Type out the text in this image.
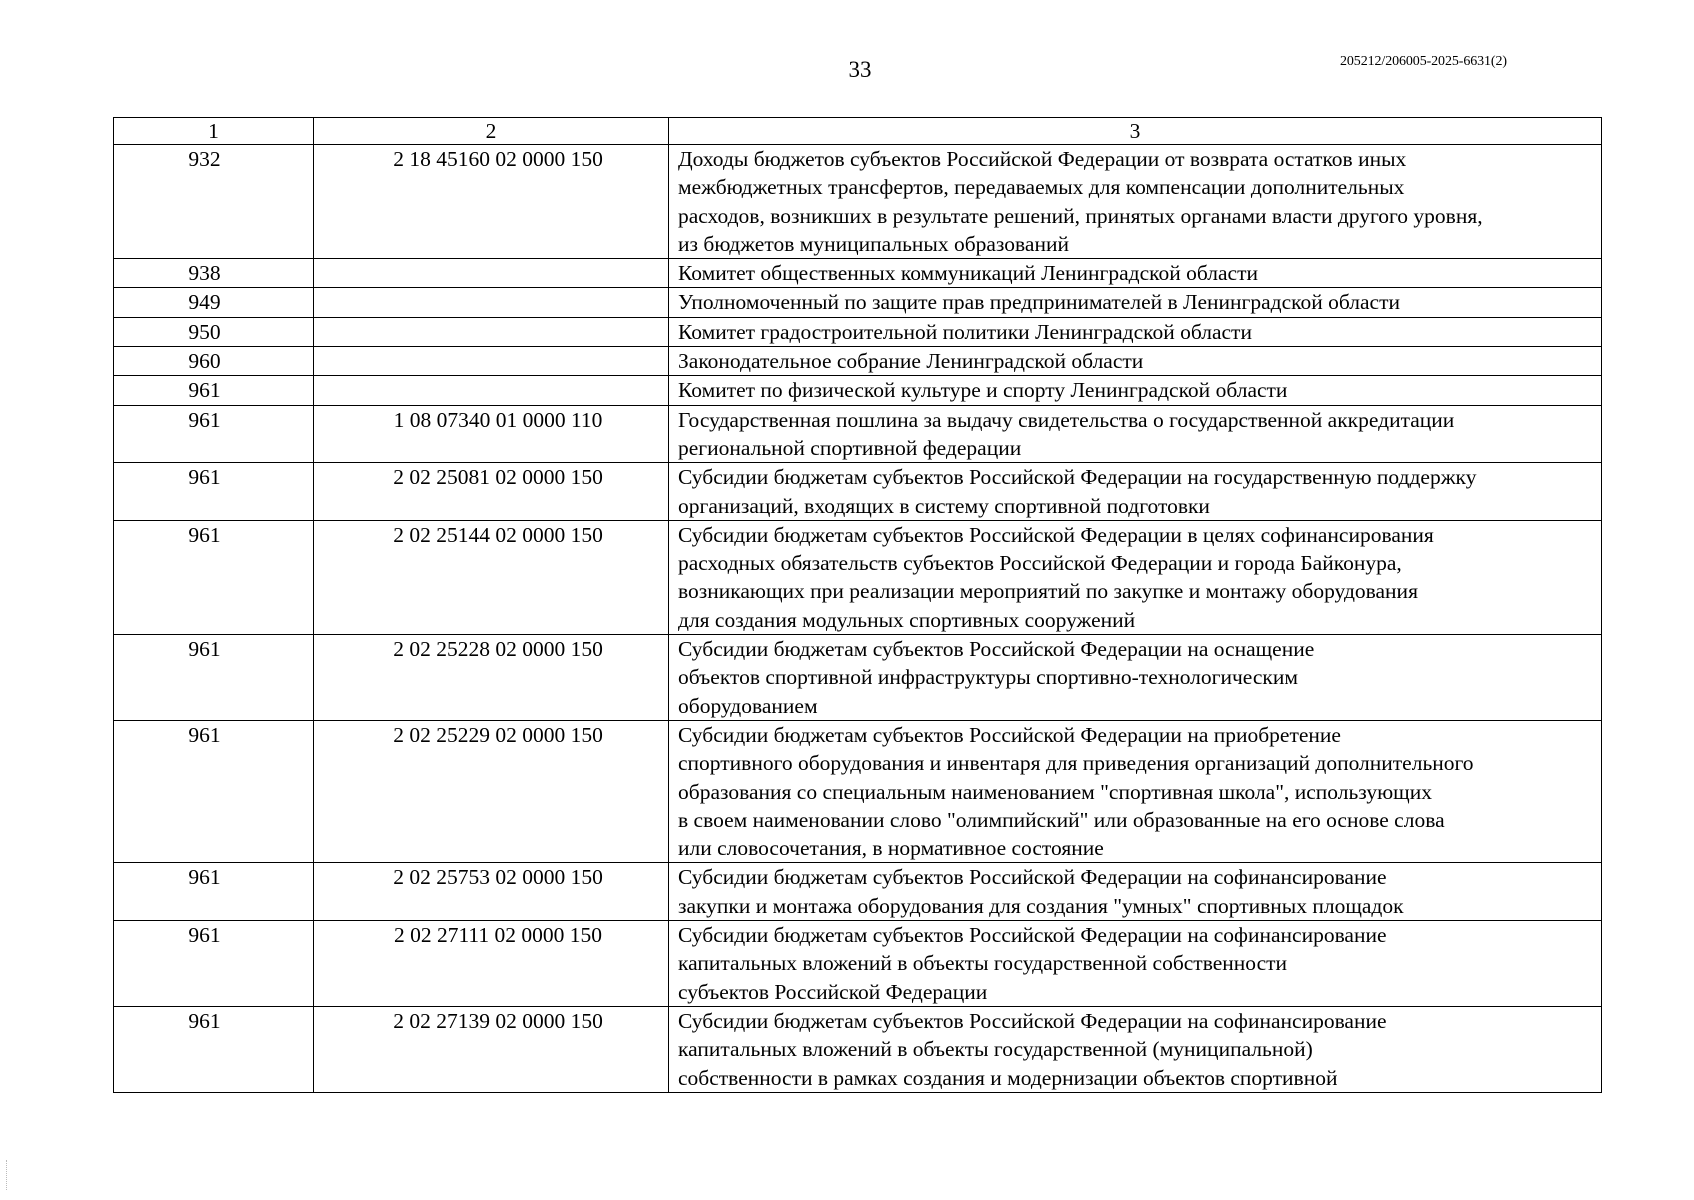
33	205212/206005-2025-6631(2)
1	2	3
932	2 18 45160 02 0000 150	Доходы бюджетов субъектов Российской Федерации от возврата остатков иных
межбюджетных трансфертов, передаваемых для компенсации дополнительных
расходов, возникших в результате решений, принятых органами власти другого уровня,
из бюджетов муниципальных образований

938		Комитет общественных коммуникаций Ленинградской области

949		Уполномоченный по защите прав предпринимателей в Ленинградской области

950		Комитет градостроительной политики Ленинградской области

960		Законодательное собрание Ленинградской области

961		Комитет по физической культуре и спорту Ленинградской области

961	1 08 07340 01 0000 110	Государственная пошлина за выдачу свидетельства о государственной аккредитации
региональной спортивной федерации

961	2 02 25081 02 0000 150	Субсидии бюджетам субъектов Российской Федерации на государственную поддержку
организаций, входящих в систему спортивной подготовки

961	2 02 25144 02 0000 150	Субсидии бюджетам субъектов Российской Федерации в целях софинансирования
расходных обязательств субъектов Российской Федерации и города Байконура,
возникающих при реализации мероприятий по закупке и монтажу оборудования
для создания модульных спортивных сооружений

961	2 02 25228 02 0000 150	Субсидии бюджетам субъектов Российской Федерации на оснащение
объектов спортивной инфраструктуры спортивно-технологическим
оборудованием

961	2 02 25229 02 0000 150	Субсидии бюджетам субъектов Российской Федерации на приобретение
спортивного оборудования и инвентаря для приведения организаций дополнительного
образования со специальным наименованием "спортивная школа", использующих
в своем наименовании слово "олимпийский" или образованные на его основе слова
или словосочетания, в нормативное состояние

961	2 02 25753 02 0000 150	Субсидии бюджетам субъектов Российской Федерации на софинансирование
закупки и монтажа оборудования для создания "умных" спортивных площадок

961	2 02 27111 02 0000 150	Субсидии бюджетам субъектов Российской Федерации на софинансирование
капитальных вложений в объекты государственной собственности
субъектов Российской Федерации

961	2 02 27139 02 0000 150	Субсидии бюджетам субъектов Российской Федерации на софинансирование
капитальных вложений в объекты государственной (муниципальной)
собственности в рамках создания и модернизации объектов спортивной
